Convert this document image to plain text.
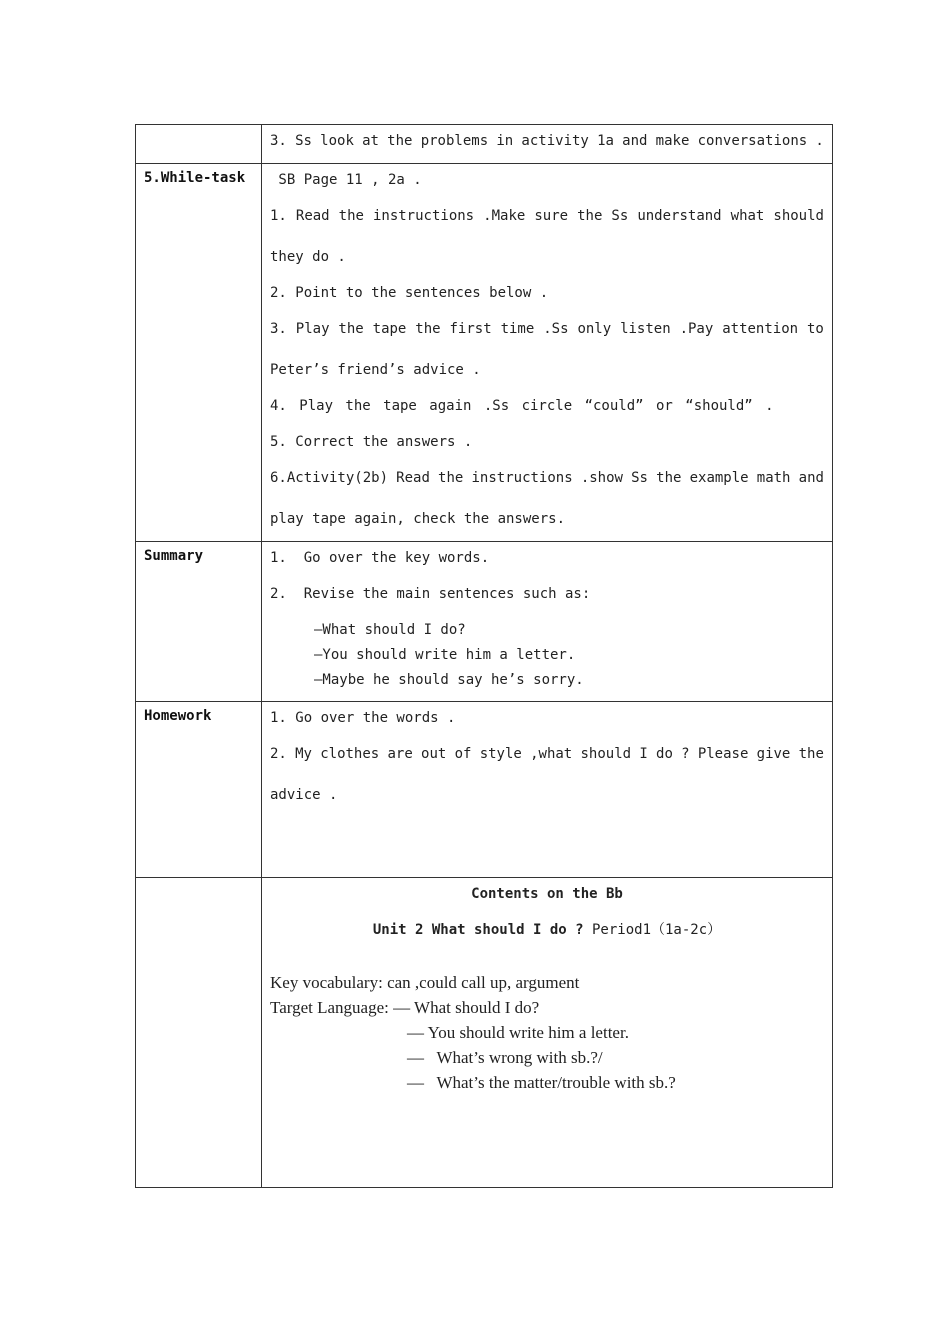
3. Ss look at the problems in activity 1a and make conversations .
5.While-task	SB Page 11 , 2a .
1. Read the instructions .Make sure the Ss understand what should
they do .
2. Point to the sentences below .
3. Play the tape the first time .Ss only listen .Pay attention to
Peter’s friend’s advice .
4. Play the tape again .Ss circle “could” or “should” .
5. Correct the answers .
6.Activity(2b) Read the instructions .show Ss the example math and
play tape again, check the answers.
Summary	1.  Go over the key words.
2.  Revise the main sentences such as:
—What should I do?
—You should write him a letter.
—Maybe he should say he’s sorry.
Homework	1. Go over the words .
2. My clothes are out of style ,what should I do ? Please give the
advice .
Contents on the Bb
Unit 2 What should I do ? Period1（1a-2c）
Key vocabulary: can ,could call up, argument
Target Language: — What should I do?
— You should write him a letter.
—   What’s wrong with sb.?/
—   What’s the matter/trouble with sb.?
